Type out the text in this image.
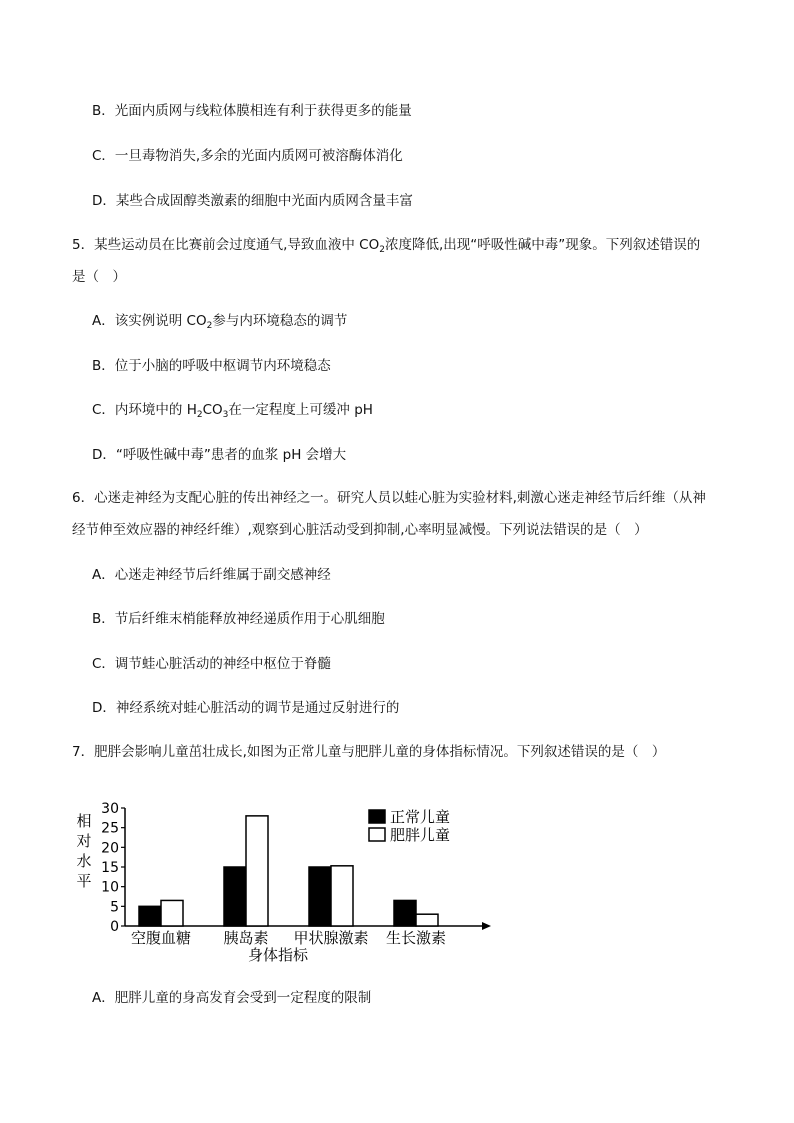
B．光面内质网与线粒体膜相连有利于获得更多的能量
C．一旦毒物消失,多余的光面内质网可被溶酶体消化
D．某些合成固醇类激素的细胞中光面内质网含量丰富
5．某些运动员在比赛前会过度通气,导致血液中 $CO_2$浓度降低,出现“呼吸性碱中毒”现象。下列叙述错误的
是（　）
A．该实例说明 $CO_2$参与内环境稳态的调节
B．位于小脑的呼吸中枢调节内环境稳态
C．内环境中的 $H_2CO_3$在一定程度上可缓冲 pH
D．“呼吸性碱中毒”患者的血浆 pH 会增大
6．心迷走神经为支配心脏的传出神经之一。研究人员以蛙心脏为实验材料,刺激心迷走神经节后纤维（从神
经节伸至效应器的神经纤维）,观察到心脏活动受到抑制,心率明显减慢。下列说法错误的是（　）
A．心迷走神经节后纤维属于副交感神经
B．节后纤维末梢能释放神经递质作用于心肌细胞
C．调节蛙心脏活动的神经中枢位于脊髓
D．神经系统对蛙心脏活动的调节是通过反射进行的
7．肥胖会影响儿童茁壮成长,如图为正常儿童与肥胖儿童的身体指标情况。下列叙述错误的是（　）
相
对
水
平
0
5
10
15
20
25
30
空腹血糖 胰岛素 甲状腺激素 生长激素
身体指标
正常儿童
肥胖儿童
A．肥胖儿童的身高发育会受到一定程度的限制
